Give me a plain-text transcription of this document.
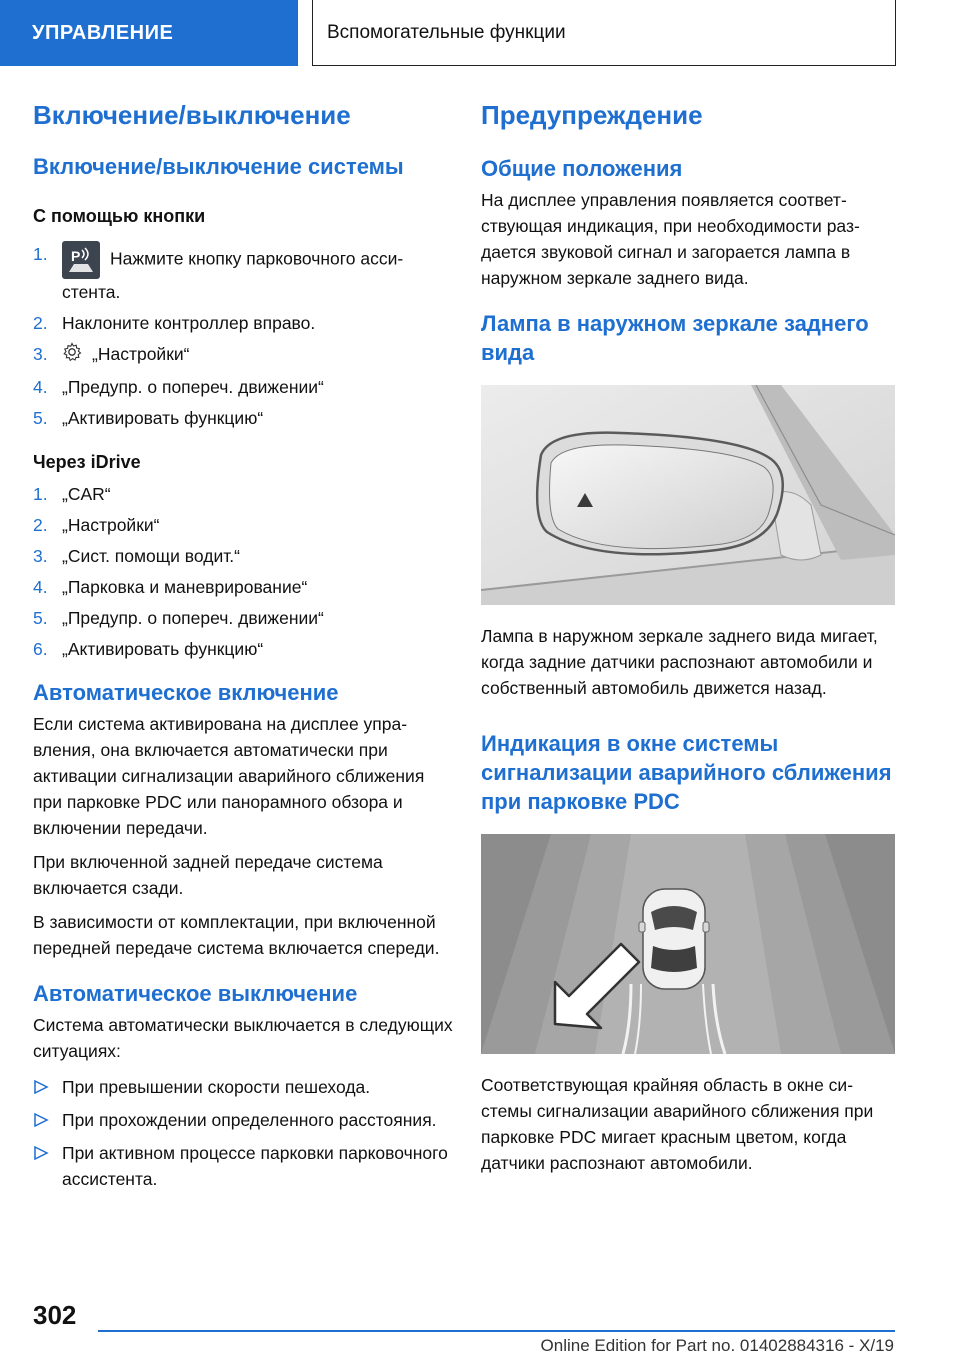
УПРАВЛЕНИЕ	Вспомогательные функции
Включение/выключение
Включение/выключение системы
С помощью кнопки
1. P Нажмите кнопку парковочного ассистента.
2. Наклоните контроллер вправо.
3.	„Настройки“
4. „Предупр. о попереч. движении“
5. „Активировать функцию“
Через iDrive
1. „CAR“
2. „Настройки“
3. „Сист. помощи водит.“
4. „Парковка и маневрирование“
5. „Предупр. о попереч. движении“
6. „Активировать функцию“
Автоматическое включение

Если система активирована на дисплее управления, она включается автоматически при активации сигнализации аварийного сближения при парковке PDC или панорамного обзора и включении передачи.

При включенной задней передаче система включается сзади.

В зависимости от комплектации, при включенной передней передаче система включается спереди.

Автоматическое выключение

Система автоматически выключается в следующих ситуациях:

При превышении скорости пешехода.
При прохождении определенного расстояния.
При активном процессе парковки парковочного ассистента.
Предупреждение
Общие положения

На дисплее управления появляется соответствующая индикация, при необходимости раздается звуковой сигнал и загорается лампа в наружном зеркале заднего вида.

Лампа в наружном зеркале заднего вида

Лампа в наружном зеркале заднего вида мигает, когда задние датчики распознают автомобили и собственный автомобиль движется назад.

Индикация в окне системы сигнализации аварийного сближения при парковке PDC

Соответствующая крайняя область в окне системы сигнализации аварийного сближения при парковке PDC мигает красным цветом, когда датчики распознают автомобили.

302
Online Edition for Part no. 01402884316 - X/19
